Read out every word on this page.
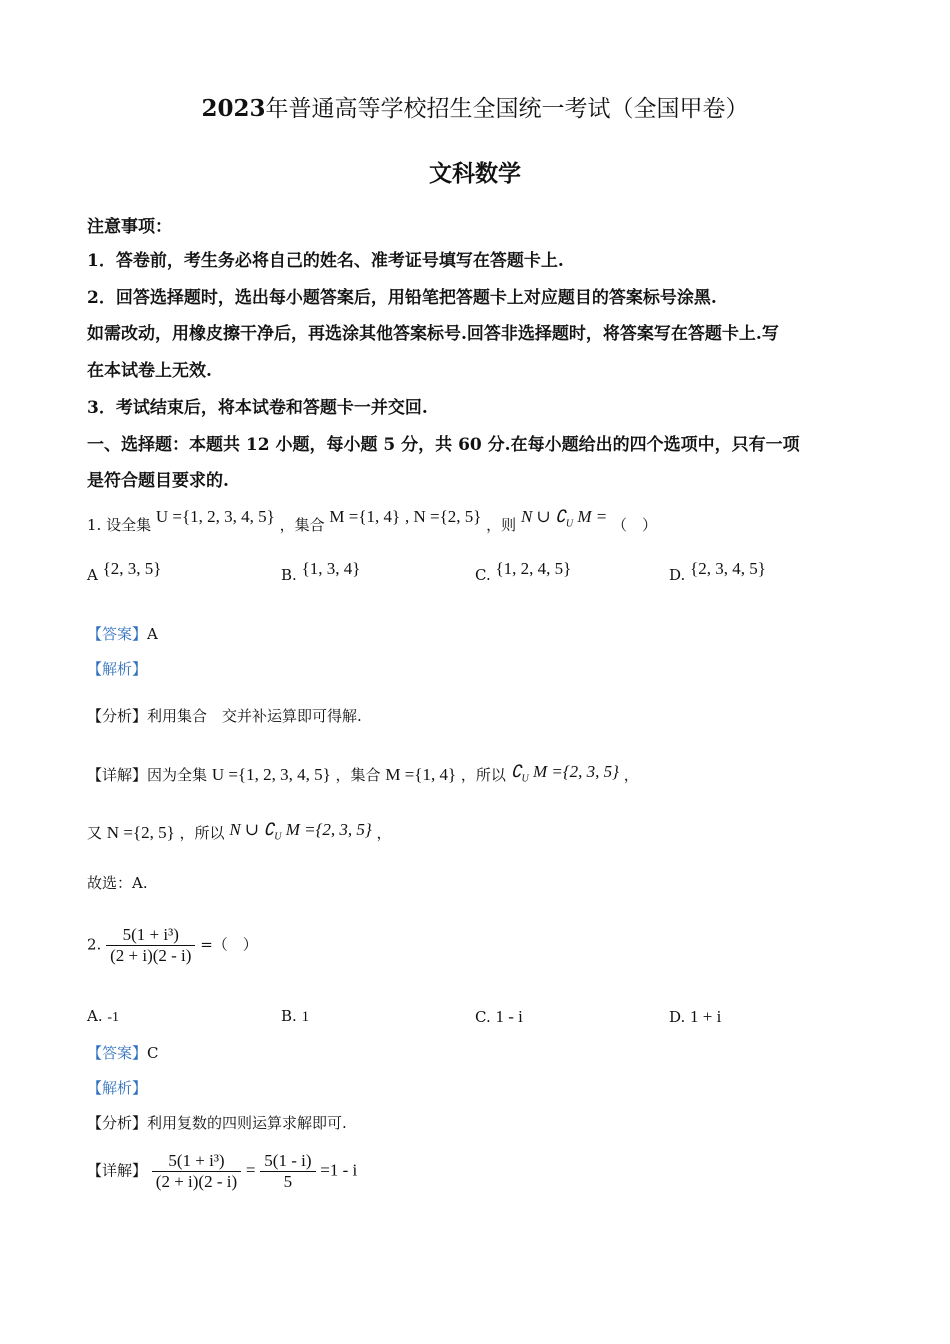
2023年普通高等学校招生全国统一考试（全国甲卷）
文科数学
注意事项：
1．答卷前，考生务必将自己的姓名、准考证号填写在答题卡上.
2．回答选择题时，选出每小题答案后，用铅笔把答题卡上对应题目的答案标号涂黑.
如需改动，用橡皮擦干净后，再选涂其他答案标号.回答非选择题时，将答案写在答题卡上.写
在本试卷上无效.
3．考试结束后，将本试卷和答题卡一并交回.
一、选择题：本题共 12 小题，每小题 5 分，共 60 分.在每小题给出的四个选项中，只有一项
是符合题目要求的.
1. 设全集 U ={1, 2, 3, 4, 5} ，集合 M ={1, 4} , N ={2, 5} ，则 N ∪ $∁_U$ M = （　）
A {2, 3, 5}	B. {1, 3, 4}	C. {1, 2, 4, 5}	D. {2, 3, 4, 5}
【答案】A
【解析】
【分析】利用集合　交并补运算即可得解.
【详解】因为全集 U ={1, 2, 3, 4, 5} ，集合 M ={1, 4} ，所以 $∁_U$ M ={2, 3, 5} ，
又 N ={2, 5} ，所以 N ∪ $∁_U$ M ={2, 3, 5} ，
故选：A.
2. $\frac{\text{5(1 + i³)}}{(2 + i)(2 - i)}$ =（　）
A. -1	B. 1	C. 1 - i	D. 1 + i
【答案】C
【解析】
【分析】利用复数的四则运算求解即可.
【详解】 $\frac{\text{5(1 + i³)}}{(2 + i)(2 - i)} = \frac{5(1 - i)}{5} =1 - i$
